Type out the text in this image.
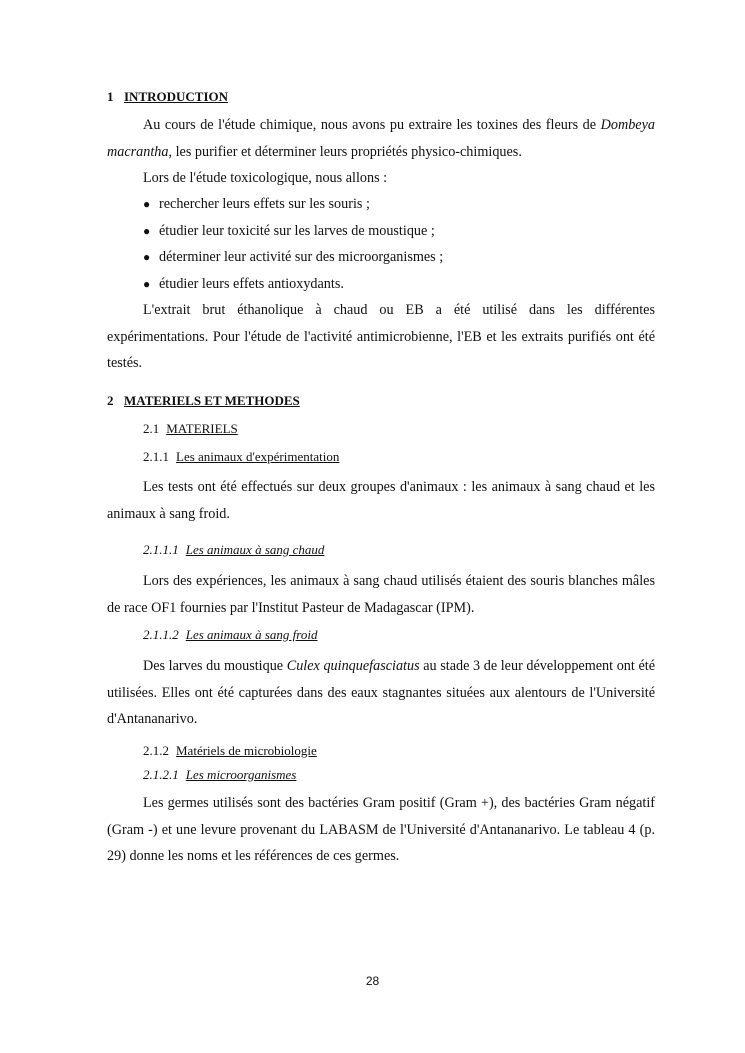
1 INTRODUCTION
Au cours de l'étude chimique, nous avons pu extraire les toxines des fleurs de Dombeya macrantha, les purifier et déterminer leurs propriétés physico-chimiques.
Lors de l'étude toxicologique, nous allons :
● rechercher leurs effets sur les souris ;
● étudier leur toxicité sur les larves de moustique ;
● déterminer leur activité sur des microorganismes ;
● étudier leurs effets antioxydants.
L'extrait brut éthanolique à chaud ou EB a été utilisé dans les différentes expérimentations. Pour l'étude de l'activité antimicrobienne, l'EB et les extraits purifiés ont été testés.
2 MATERIELS ET METHODES
2.1 MATERIELS
2.1.1 Les animaux d'expérimentation
Les tests ont été effectués sur deux groupes d'animaux : les animaux à sang chaud et les animaux à sang froid.
2.1.1.1 Les animaux à sang chaud
Lors des expériences, les animaux à sang chaud utilisés étaient des souris blanches mâles de race OF1 fournies par l'Institut Pasteur de Madagascar (IPM).
2.1.1.2 Les animaux à sang froid
Des larves du moustique Culex quinquefasciatus au stade 3 de leur développement ont été utilisées. Elles ont été capturées dans des eaux stagnantes situées aux alentours de l'Université d'Antananarivo.
2.1.2 Matériels de microbiologie
2.1.2.1 Les microorganismes
Les germes utilisés sont des bactéries Gram positif (Gram +), des bactéries Gram négatif (Gram -) et une levure provenant du LABASM de l'Université d'Antananarivo. Le tableau 4 (p. 29) donne les noms et les références de ces germes.
28
